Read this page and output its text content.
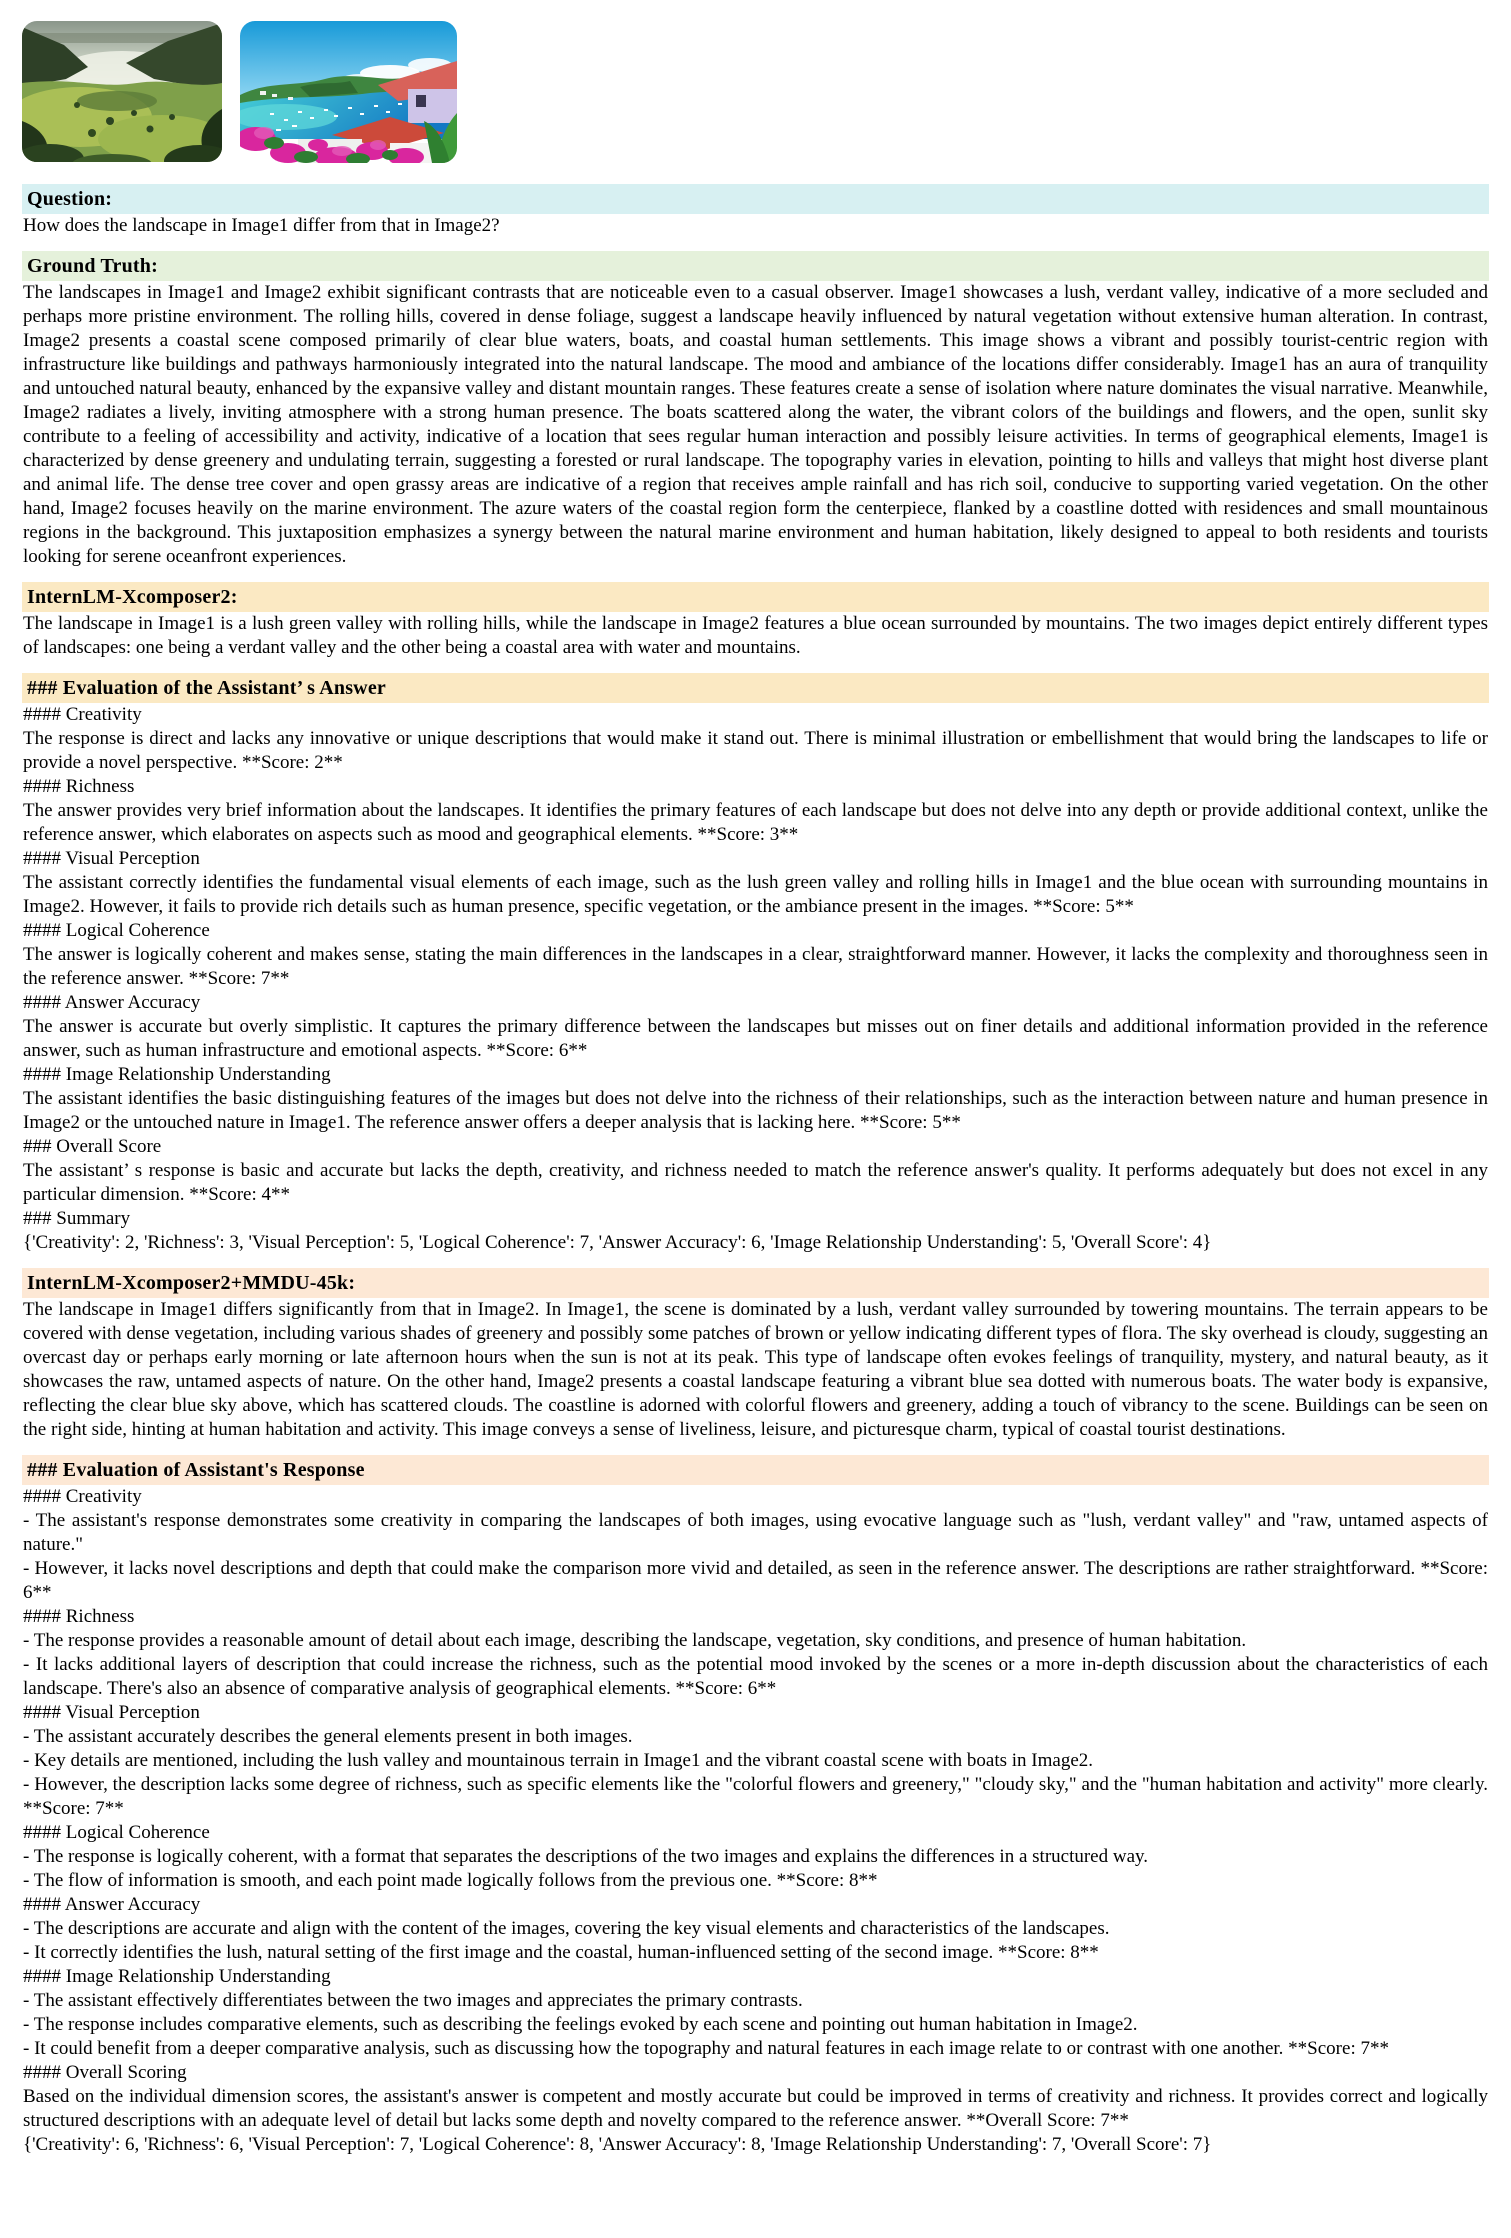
Question:
How does the landscape in Image1 differ from that in Image2?
Ground Truth:
The landscapes in Image1 and Image2 exhibit significant contrasts that are noticeable even to a casual observer. Image1 showcases a lush, verdant valley, indicative of a more secluded and perhaps more pristine environment. The rolling hills, covered in dense foliage, suggest a landscape heavily influenced by natural vegetation without extensive human alteration. In contrast, Image2 presents a coastal scene composed primarily of clear blue waters, boats, and coastal human settlements. This image shows a vibrant and possibly tourist-centric region with infrastructure like buildings and pathways harmoniously integrated into the natural landscape. The mood and ambiance of the locations differ considerably. Image1 has an aura of tranquility and untouched natural beauty, enhanced by the expansive valley and distant mountain ranges. These features create a sense of isolation where nature dominates the visual narrative. Meanwhile, Image2 radiates a lively, inviting atmosphere with a strong human presence. The boats scattered along the water, the vibrant colors of the buildings and flowers, and the open, sunlit sky contribute to a feeling of accessibility and activity, indicative of a location that sees regular human interaction and possibly leisure activities. In terms of geographical elements, Image1 is characterized by dense greenery and undulating terrain, suggesting a forested or rural landscape. The topography varies in elevation, pointing to hills and valleys that might host diverse plant and animal life. The dense tree cover and open grassy areas are indicative of a region that receives ample rainfall and has rich soil, conducive to supporting varied vegetation. On the other hand, Image2 focuses heavily on the marine environment. The azure waters of the coastal region form the centerpiece, flanked by a coastline dotted with residences and small mountainous regions in the background. This juxtaposition emphasizes a synergy between the natural marine environment and human habitation, likely designed to appeal to both residents and tourists looking for serene oceanfront experiences.
InternLM-Xcomposer2:
The landscape in Image1 is a lush green valley with rolling hills, while the landscape in Image2 features a blue ocean surrounded by mountains. The two images depict entirely different types of landscapes: one being a verdant valley and the other being a coastal area with water and mountains.
### Evaluation of the Assistant’ s Answer
#### Creativity
The response is direct and lacks any innovative or unique descriptions that would make it stand out. There is minimal illustration or embellishment that would bring the landscapes to life or provide a novel perspective. **Score: 2**
#### Richness
The answer provides very brief information about the landscapes. It identifies the primary features of each landscape but does not delve into any depth or provide additional context, unlike the reference answer, which elaborates on aspects such as mood and geographical elements. **Score: 3**
#### Visual Perception
The assistant correctly identifies the fundamental visual elements of each image, such as the lush green valley and rolling hills in Image1 and the blue ocean with surrounding mountains in Image2. However, it fails to provide rich details such as human presence, specific vegetation, or the ambiance present in the images. **Score: 5**
#### Logical Coherence
The answer is logically coherent and makes sense, stating the main differences in the landscapes in a clear, straightforward manner. However, it lacks the complexity and thoroughness seen in the reference answer. **Score: 7**
#### Answer Accuracy
The answer is accurate but overly simplistic. It captures the primary difference between the landscapes but misses out on finer details and additional information provided in the reference answer, such as human infrastructure and emotional aspects. **Score: 6**
#### Image Relationship Understanding
The assistant identifies the basic distinguishing features of the images but does not delve into the richness of their relationships, such as the interaction between nature and human presence in Image2 or the untouched nature in Image1. The reference answer offers a deeper analysis that is lacking here. **Score: 5**
### Overall Score
The assistant’ s response is basic and accurate but lacks the depth, creativity, and richness needed to match the reference answer's quality. It performs adequately but does not excel in any particular dimension. **Score: 4**
### Summary
{'Creativity': 2, 'Richness': 3, 'Visual Perception': 5, 'Logical Coherence': 7, 'Answer Accuracy': 6, 'Image Relationship Understanding': 5, 'Overall Score': 4}
InternLM-Xcomposer2+MMDU-45k:
The landscape in Image1 differs significantly from that in Image2. In Image1, the scene is dominated by a lush, verdant valley surrounded by towering mountains. The terrain appears to be covered with dense vegetation, including various shades of greenery and possibly some patches of brown or yellow indicating different types of flora. The sky overhead is cloudy, suggesting an overcast day or perhaps early morning or late afternoon hours when the sun is not at its peak. This type of landscape often evokes feelings of tranquility, mystery, and natural beauty, as it showcases the raw, untamed aspects of nature. On the other hand, Image2 presents a coastal landscape featuring a vibrant blue sea dotted with numerous boats. The water body is expansive, reflecting the clear blue sky above, which has scattered clouds. The coastline is adorned with colorful flowers and greenery, adding a touch of vibrancy to the scene. Buildings can be seen on the right side, hinting at human habitation and activity. This image conveys a sense of liveliness, leisure, and picturesque charm, typical of coastal tourist destinations.
### Evaluation of Assistant's Response
#### Creativity
- The assistant's response demonstrates some creativity in comparing the landscapes of both images, using evocative language such as "lush, verdant valley" and "raw, untamed aspects of nature."
- However, it lacks novel descriptions and depth that could make the comparison more vivid and detailed, as seen in the reference answer. The descriptions are rather straightforward. **Score: 6**
#### Richness
- The response provides a reasonable amount of detail about each image, describing the landscape, vegetation, sky conditions, and presence of human habitation.
- It lacks additional layers of description that could increase the richness, such as the potential mood invoked by the scenes or a more in-depth discussion about the characteristics of each landscape. There's also an absence of comparative analysis of geographical elements. **Score: 6**
#### Visual Perception
- The assistant accurately describes the general elements present in both images.
- Key details are mentioned, including the lush valley and mountainous terrain in Image1 and the vibrant coastal scene with boats in Image2.
- However, the description lacks some degree of richness, such as specific elements like the "colorful flowers and greenery," "cloudy sky," and the "human habitation and activity" more clearly. **Score: 7**
#### Logical Coherence
- The response is logically coherent, with a format that separates the descriptions of the two images and explains the differences in a structured way.
- The flow of information is smooth, and each point made logically follows from the previous one. **Score: 8**
#### Answer Accuracy
- The descriptions are accurate and align with the content of the images, covering the key visual elements and characteristics of the landscapes.
- It correctly identifies the lush, natural setting of the first image and the coastal, human-influenced setting of the second image. **Score: 8**
#### Image Relationship Understanding
- The assistant effectively differentiates between the two images and appreciates the primary contrasts.
- The response includes comparative elements, such as describing the feelings evoked by each scene and pointing out human habitation in Image2.
- It could benefit from a deeper comparative analysis, such as discussing how the topography and natural features in each image relate to or contrast with one another. **Score: 7**
#### Overall Scoring
Based on the individual dimension scores, the assistant's answer is competent and mostly accurate but could be improved in terms of creativity and richness. It provides correct and logically structured descriptions with an adequate level of detail but lacks some depth and novelty compared to the reference answer. **Overall Score: 7**
{'Creativity': 6, 'Richness': 6, 'Visual Perception': 7, 'Logical Coherence': 8, 'Answer Accuracy': 8, 'Image Relationship Understanding': 7, 'Overall Score': 7}
